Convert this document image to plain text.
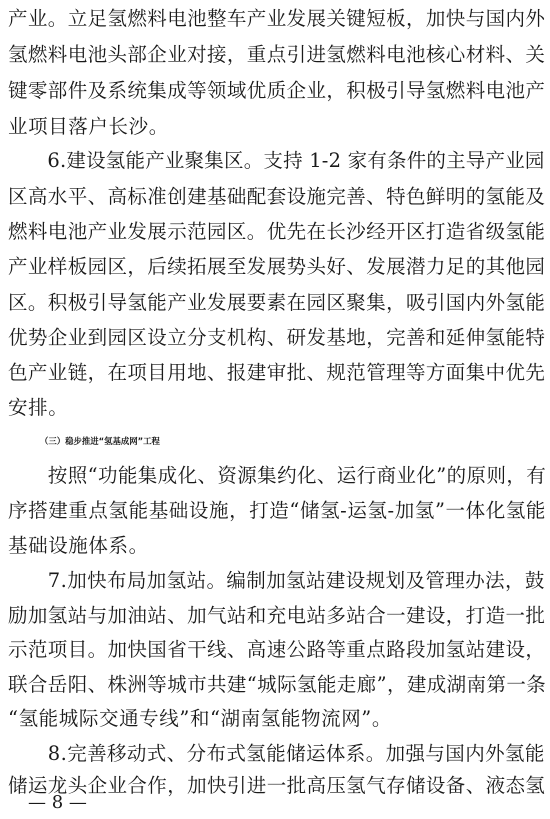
产业。立足氢燃料电池整车产业发展关键短板，加快与国内外
氢燃料电池头部企业对接，重点引进氢燃料电池核心材料、关
键零部件及系统集成等领域优质企业，积极引导氢燃料电池产
业项目落户长沙。
　　6.建设氢能产业聚集区。支持 1-2 家有条件的主导产业园
区高水平、高标准创建基础配套设施完善、特色鲜明的氢能及
燃料电池产业发展示范园区。优先在长沙经开区打造省级氢能
产业样板园区，后续拓展至发展势头好、发展潜力足的其他园
区。积极引导氢能产业发展要素在园区聚集，吸引国内外氢能
优势企业到园区设立分支机构、研发基地，完善和延伸氢能特
色产业链，在项目用地、报建审批、规范管理等方面集中优先
安排。
（三）稳步推进“氢基成网”工程
　　按照“功能集成化、资源集约化、运行商业化”的原则，有
序搭建重点氢能基础设施，打造“储氢-运氢-加氢”一体化氢能
基础设施体系。
　　7.加快布局加氢站。编制加氢站建设规划及管理办法，鼓
励加氢站与加油站、加气站和充电站多站合一建设，打造一批
示范项目。加快国省干线、高速公路等重点路段加氢站建设，
联合岳阳、株洲等城市共建“城际氢能走廊”，建成湖南第一条
“氢能城际交通专线”和“湖南氢能物流网”。
　　8.完善移动式、分布式氢能储运体系。加强与国内外氢能
储运龙头企业合作，加快引进一批高压氢气存储设备、液态氢
— 8 —
